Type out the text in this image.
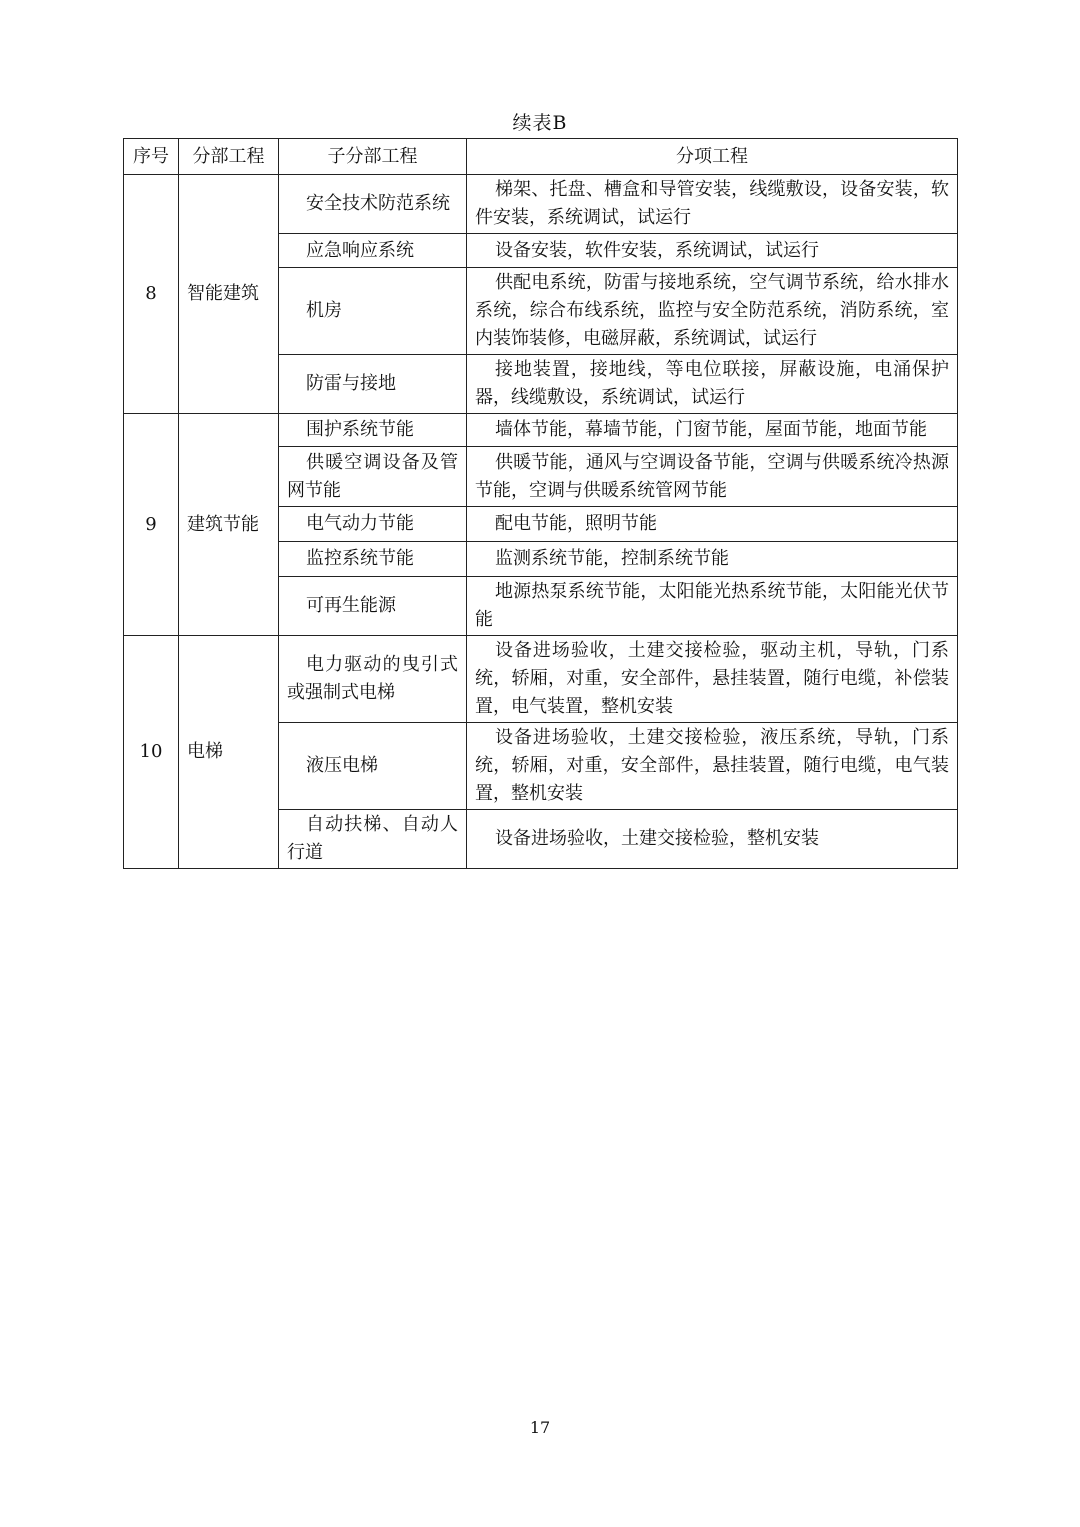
续表B
序号	分部工程	子分部工程	分项工程
8	智能建筑	安全技术防范系统	梯架、托盘、槽盒和导管安装，线缆敷设，设备安装，软件安装，系统调试，试运行
		应急响应系统	设备安装，软件安装，系统调试，试运行
		机房	供配电系统，防雷与接地系统，空气调节系统，给水排水系统，综合布线系统，监控与安全防范系统，消防系统，室内装饰装修，电磁屏蔽，系统调试，试运行
		防雷与接地	接地装置，接地线，等电位联接，屏蔽设施，电涌保护器，线缆敷设，系统调试，试运行
9	建筑节能	围护系统节能	墙体节能，幕墙节能，门窗节能，屋面节能，地面节能
		供暖空调设备及管网节能	供暖节能，通风与空调设备节能，空调与供暖系统冷热源节能，空调与供暖系统管网节能
		电气动力节能	配电节能，照明节能
		监控系统节能	监测系统节能，控制系统节能
		可再生能源	地源热泵系统节能，太阳能光热系统节能，太阳能光伏节能
10	电梯	电力驱动的曳引式或强制式电梯	设备进场验收，土建交接检验，驱动主机，导轨，门系统，轿厢，对重，安全部件，悬挂装置，随行电缆，补偿装置，电气装置，整机安装
		液压电梯	设备进场验收，土建交接检验，液压系统，导轨，门系统，轿厢，对重，安全部件，悬挂装置，随行电缆，电气装置，整机安装
		自动扶梯、自动人行道	设备进场验收，土建交接检验，整机安装
17
